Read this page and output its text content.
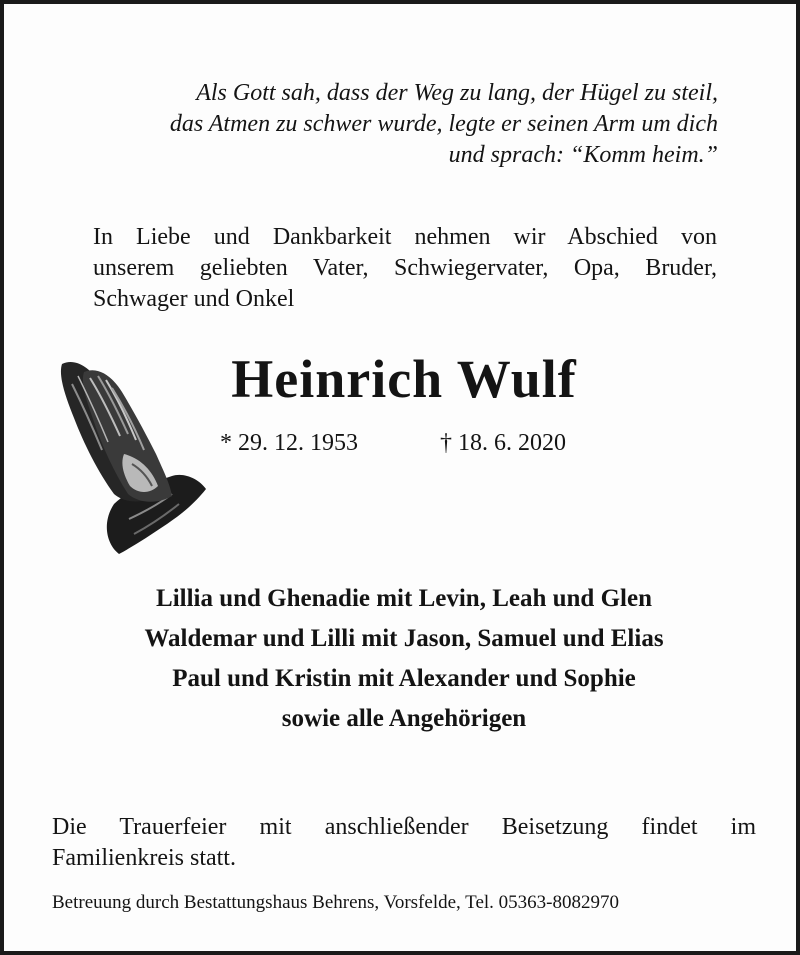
Als Gott sah, dass der Weg zu lang, der Hügel zu steil,
das Atmen zu schwer wurde, legte er seinen Arm um dich
und sprach: “Komm heim.”
In Liebe und Dankbarkeit nehmen wir Abschied von
unserem geliebten Vater, Schwiegervater, Opa, Bruder,
Schwager und Onkel
Heinrich Wulf
* 29. 12. 1953	† 18. 6. 2020
Lillia und Ghenadie mit Levin, Leah und Glen
Waldemar und Lilli mit Jason, Samuel und Elias
Paul und Kristin mit Alexander und Sophie
sowie alle Angehörigen
Die Trauerfeier mit anschließender Beisetzung findet im
Familienkreis statt.
Betreuung durch Bestattungshaus Behrens, Vorsfelde, Tel. 05363-8082970
